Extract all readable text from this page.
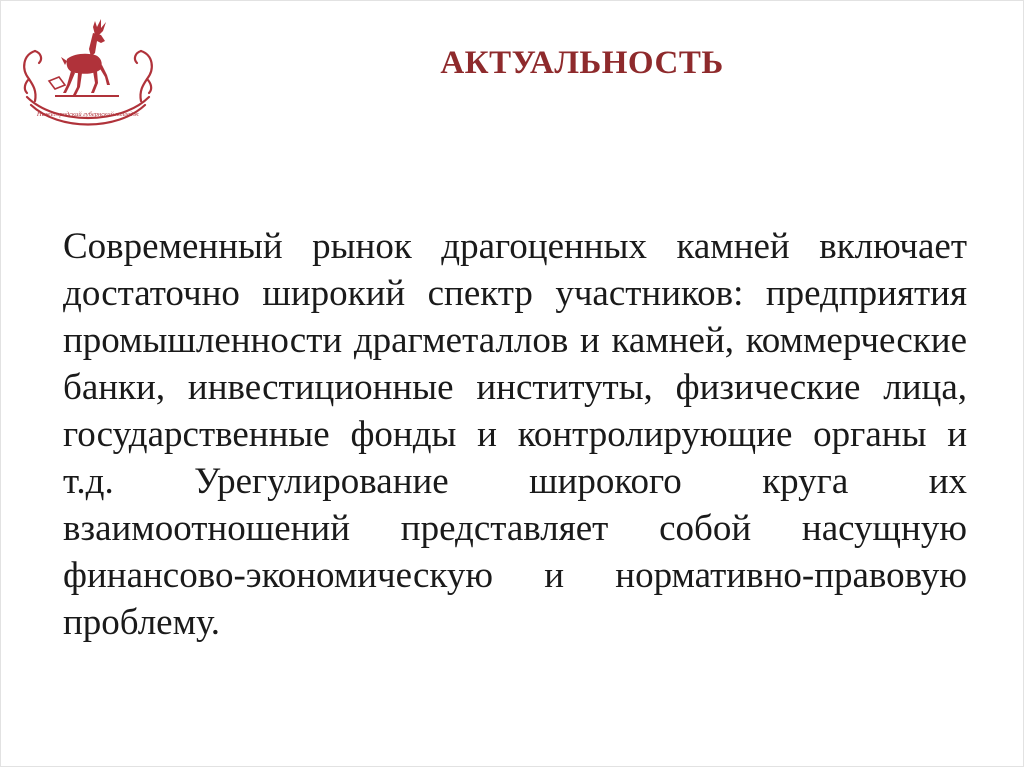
Нижегородский губернский колледж
АКТУАЛЬНОСТЬ

Современный рынок драгоценных камней включает достаточно широкий спектр участников: предприятия промышленности драгметаллов и камней, коммерческие банки, инвестиционные институты, физические лица, государственные фонды и контролирующие органы и т.д. Урегулирование широкого круга их взаимоотношений представляет собой насущную финансово-экономическую и нормативно-правовую проблему.
